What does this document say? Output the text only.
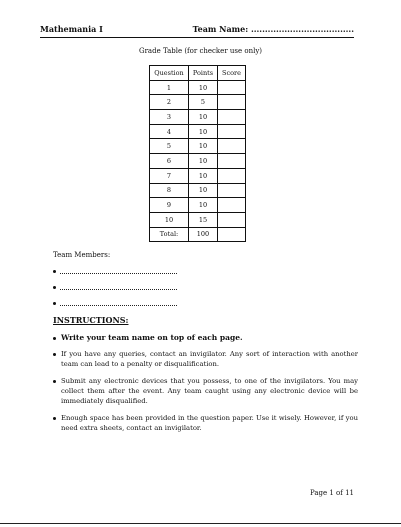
Mathemania I	Team Name: .....................................
Grade Table (for checker use only)
Question	Points	Score
1	10	
2	5	
3	10	
4	10	
5	10	
6	10	
7	10	
8	10	
9	10	
10	15	
Total:	100	
Team Members:
INSTRUCTIONS:
Write your team name on top of each page.
If you have any queries, contact an invigilator. Any sort of interaction with another team can lead to a penalty or disqualification.
Submit any electronic devices that you possess, to one of the invigilators. You may collect them after the event. Any team caught using any electronic device will be immediately disqualified.
Enough space has been provided in the question paper. Use it wisely. However, if you need extra sheets, contact an invigilator.
Page 1 of 11
